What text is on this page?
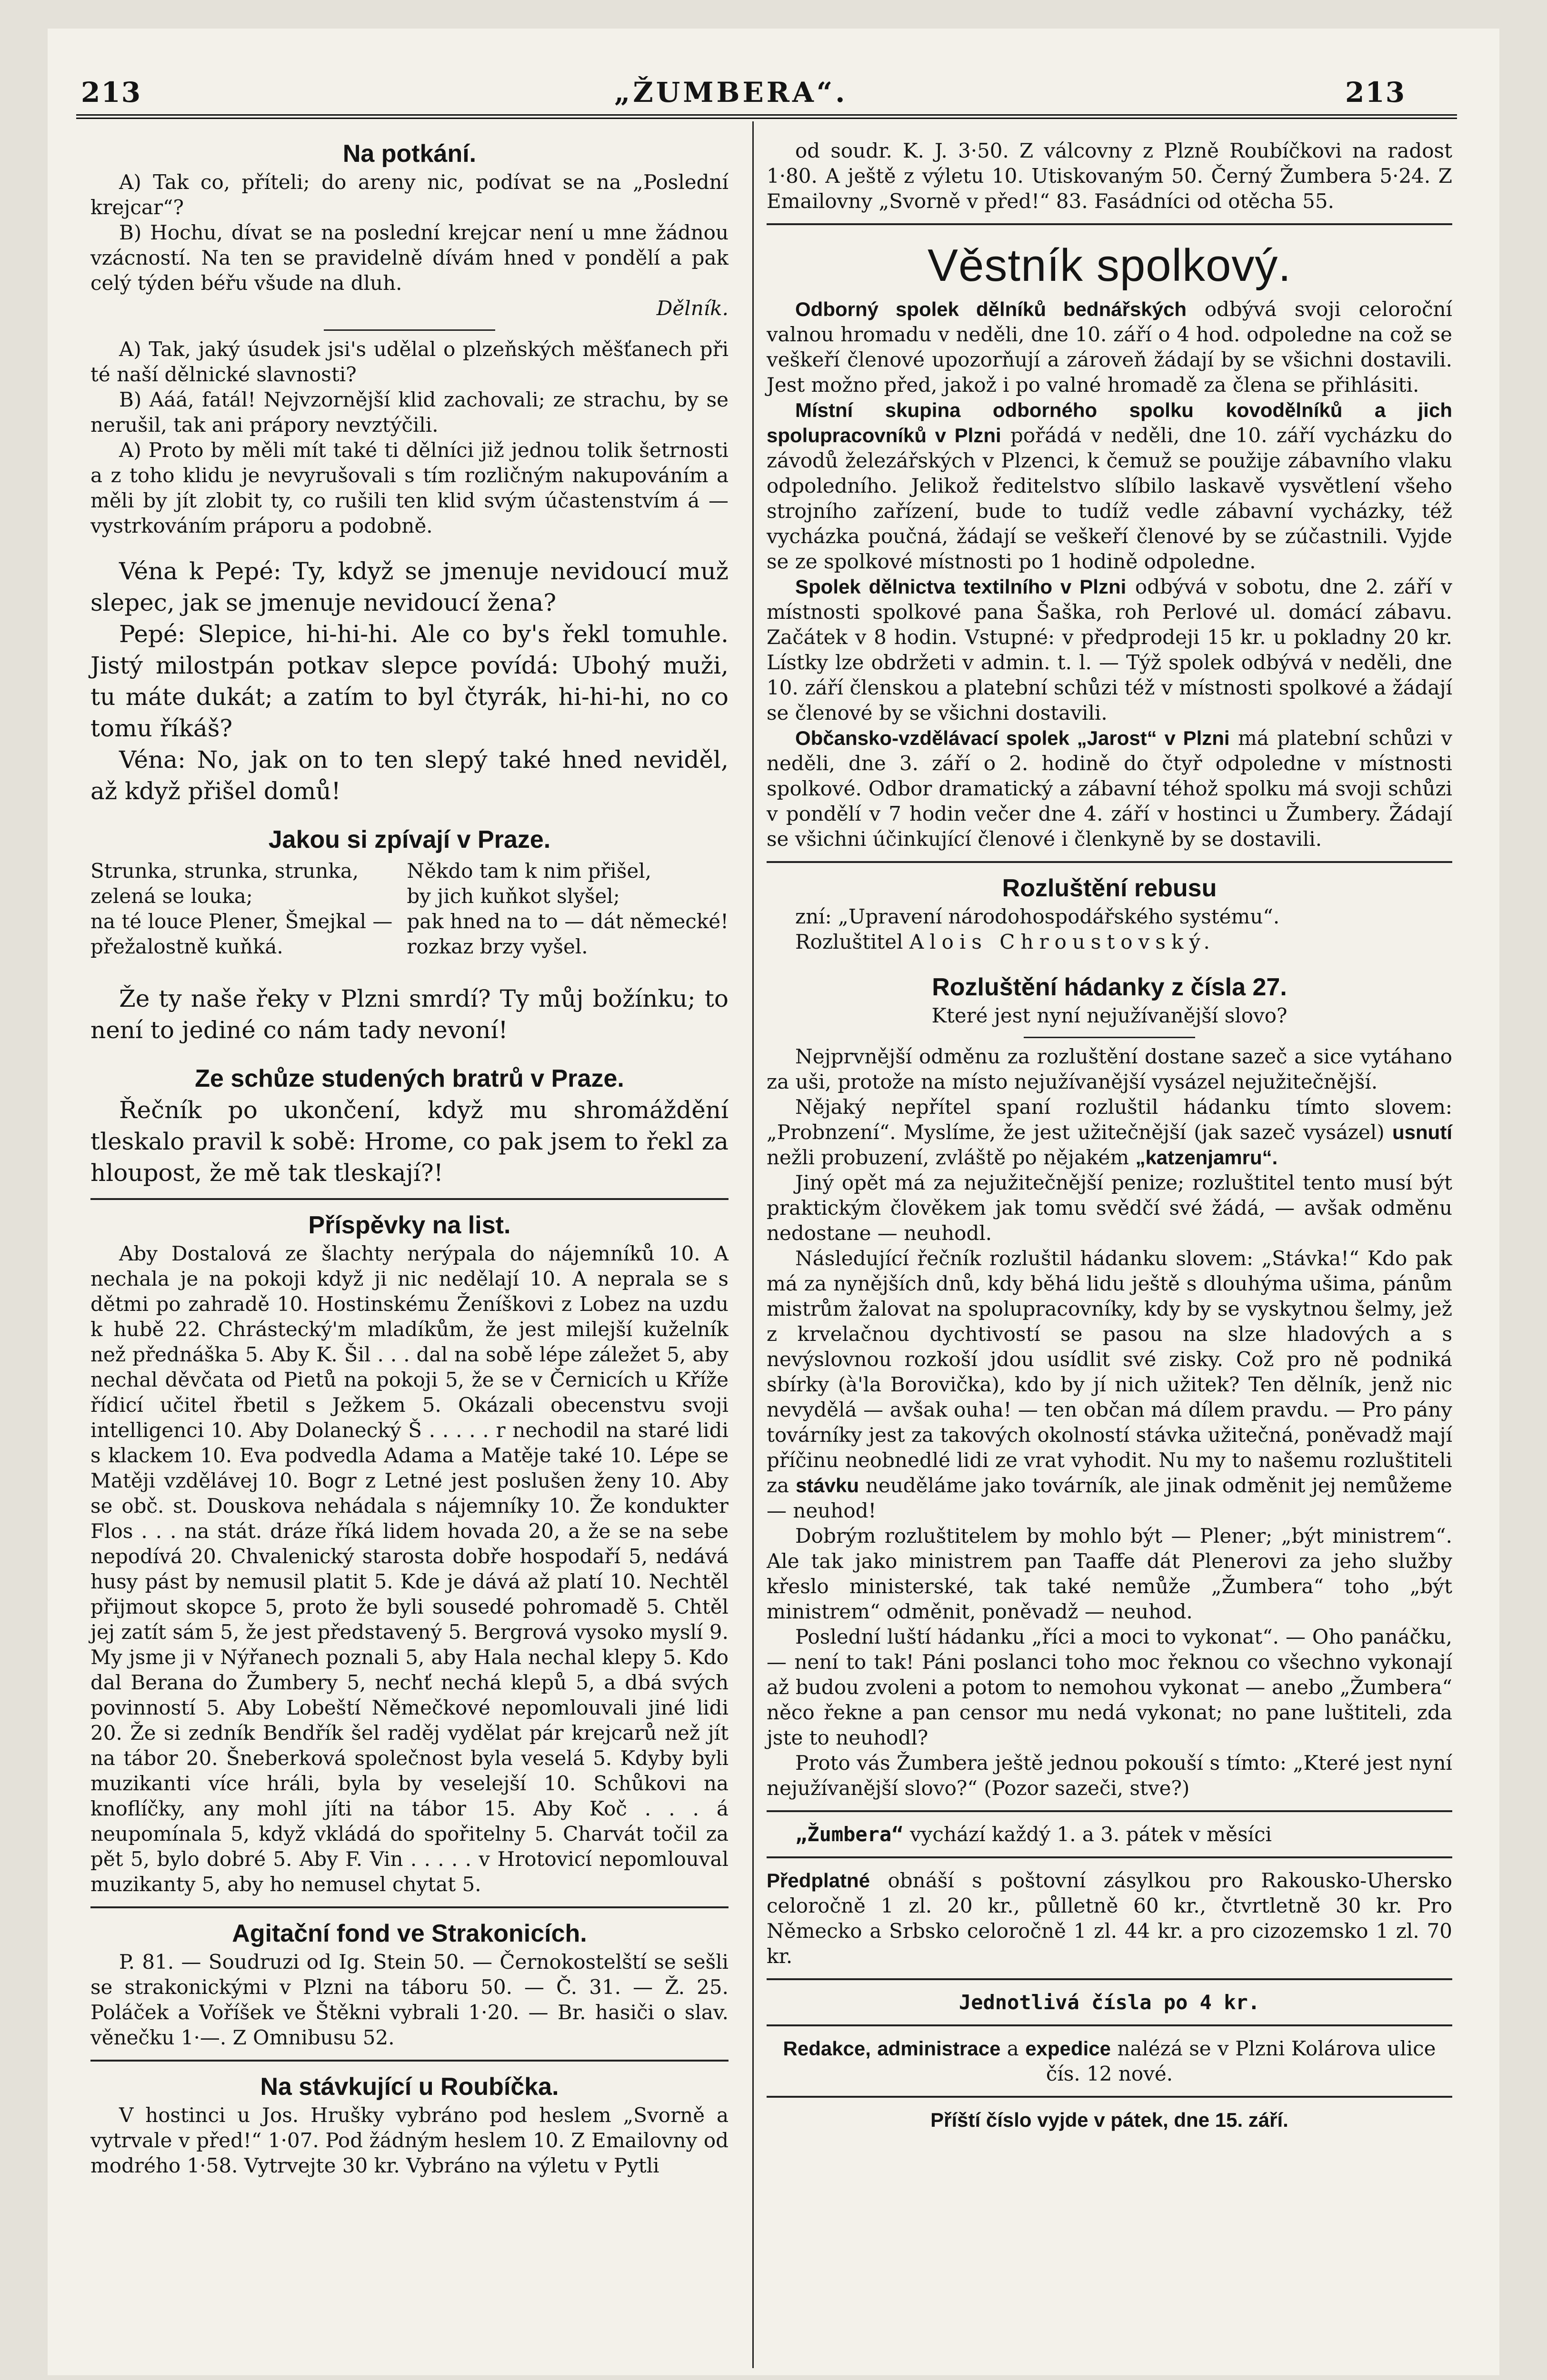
213	„ŽUMBERA“.	213
Na potkání.

A) Tak co, příteli; do areny nic, podívat se na „Poslední krejcar“?

B) Hochu, dívat se na poslední krejcar není u mne žádnou vzácností. Na ten se pravidelně dívám hned v pondělí a pak celý týden béřu všude na dluh.

Dělník.

A) Tak, jaký úsudek jsi's udělal o plzeňských měšťanech při té naší dělnické slavnosti?

B) Aáá, fatál! Nejvzornější klid zachovali; ze strachu, by se nerušil, tak ani prápory nevztýčili.

A) Proto by měli mít také ti dělníci již jednou tolik šetrnosti a z toho klidu je nevyrušovali s tím rozličným nakupováním a měli by jít zlobit ty, co rušili ten klid svým účastenstvím á — vystrkováním práporu a podobně.

Véna k Pepé: Ty, když se jmenuje nevidoucí muž slepec, jak se jmenuje nevidoucí žena?

Pepé: Slepice, hi-hi-hi. Ale co by's řekl tomuhle. Jistý milostpán potkav slepce povídá: Ubohý muži, tu máte dukát; a zatím to byl čtyrák, hi-hi-hi, no co tomu říkáš?

Véna: No, jak on to ten slepý také hned neviděl, až když přišel domů!

Jakou si zpívají v Praze.
Strunka, strunka, strunka,
zelená se louka;
na té louce Plener, Šmejkal —
přežalostně kuňká.
Někdo tam k nim přišel,
by jich kuňkot slyšel;
pak hned na to — dát německé!
rozkaz brzy vyšel.

Že ty naše řeky v Plzni smrdí? Ty můj božínku; to není to jediné co nám tady nevoní!

Ze schůze studených bratrů v Praze.

Řečník po ukončení, když mu shromáždění tleskalo pravil k sobě: Hrome, co pak jsem to řekl za hloupost, že mě tak tleskají?!

Příspěvky na list.

Aby Dostalová ze šlachty nerýpala do nájemníků 10. A nechala je na pokoji když ji nic nedělají 10. A neprala se s dětmi po zahradě 10. Hostinskému Ženíškovi z Lobez na uzdu k hubě 22. Chrástecký'm mladíkům, že jest milejší kuželník než přednáška 5. Aby K. Šil . . . dal na sobě lépe záležet 5, aby nechal děvčata od Pietů na pokoji 5, že se v Černicích u Kříže řídicí učitel řbetil s Ježkem 5. Okázali obecenstvu svoji intelligenci 10. Aby Dolanecký Š . . . . . r nechodil na staré lidi s klackem 10. Eva podvedla Adama a Matěje také 10. Lépe se Matěji vzdělávej 10. Bogr z Letné jest poslušen ženy 10. Aby se obč. st. Douskova nehádala s nájemníky 10. Že kondukter Flos . . . na stát. dráze říká lidem hovada 20, a že se na sebe nepodívá 20. Chvalenický starosta dobře hospodaří 5, nedává husy pást by nemusil platit 5. Kde je dává až platí 10. Nechtěl přijmout skopce 5, proto že byli sousedé pohromadě 5. Chtěl jej zatít sám 5, že jest představený 5. Bergrová vysoko myslí 9. My jsme ji v Nýřanech poznali 5, aby Hala nechal klepy 5. Kdo dal Berana do Žumbery 5, nechť nechá klepů 5, a dbá svých povinností 5. Aby Lobeští Němečkové nepomlouvali jiné lidi 20. Že si zedník Bendřík šel raděj vydělat pár krejcarů než jít na tábor 20. Šneberková společnost byla veselá 5. Kdyby byli muzikanti více hráli, byla by veselejší 10. Schůkovi na knoflíčky, any mohl jíti na tábor 15. Aby Koč . . . á neupomínala 5, když vkládá do spořitelny 5. Charvát točil za pět 5, bylo dobré 5. Aby F. Vin . . . . . v Hrotovicí nepomlouval muzikanty 5, aby ho nemusel chytat 5.

Agitační fond ve Strakonicích.

P. 81. — Soudruzi od Ig. Stein 50. — Černokostelští se sešli se strakonickými v Plzni na táboru 50. — Č. 31. — Ž. 25. Poláček a Voříšek ve Štěkni vybrali 1·20. — Br. hasiči o slav. věnečku 1·—. Z Omnibusu 52.

Na stávkující u Roubíčka.

V hostinci u Jos. Hrušky vybráno pod heslem „Svorně a vytrvale v před!“ 1·07. Pod žádným heslem 10. Z Emailovny od modrého 1·58. Vytrvejte 30 kr. Vybráno na výletu v Pytli

od soudr. K. J. 3·50. Z válcovny z Plzně Roubíčkovi na radost 1·80. A ještě z výletu 10. Utiskovaným 50. Černý Žumbera 5·24. Z Emailovny „Svorně v před!“ 83. Fasádníci od otěcha 55.

Věstník spolkový.

Odborný spolek dělníků bednářských odbývá svoji celoroční valnou hromadu v neděli, dne 10. září o 4 hod. odpoledne na což se veškeří členové upozorňují a zároveň žádají by se všichni dostavili. Jest možno před, jakož i po valné hromadě za člena se přihlásiti.

Místní skupina odborného spolku kovodělníků a jich spolupracovníků v Plzni pořádá v neděli, dne 10. září vycházku do závodů železářských v Plzenci, k čemuž se použije zábavního vlaku odpoledního. Jelikož ředitelstvo slíbilo laskavě vysvětlení všeho strojního zařízení, bude to tudíž vedle zábavní vycházky, též vycházka poučná, žádají se veškeří členové by se zúčastnili. Vyjde se ze spolkové místnosti po 1 hodině odpoledne.

Spolek dělnictva textilního v Plzni odbývá v sobotu, dne 2. září v místnosti spolkové pana Šaška, roh Perlové ul. domácí zábavu. Začátek v 8 hodin. Vstupné: v předprodeji 15 kr. u pokladny 20 kr. Lístky lze obdržeti v admin. t. l. — Týž spolek odbývá v neděli, dne 10. září členskou a platební schůzi též v místnosti spolkové a žádají se členové by se všichni dostavili.

Občansko-vzdělávací spolek „Jarost“ v Plzni má platební schůzi v neděli, dne 3. září o 2. hodině do čtyř odpoledne v místnosti spolkové. Odbor dramatický a zábavní téhož spolku má svoji schůzi v pondělí v 7 hodin večer dne 4. září v hostinci u Žumbery. Žádají se všichni účinkující členové i členkyně by se dostavili.

Rozluštění rebusu

zní: „Upravení národohospodářského systému“.

Rozluštitel Alois Chroustovský.

Rozluštění hádanky z čísla 27.

Které jest nyní nejužívanější slovo?

Nejprvnější odměnu za rozluštění dostane sazeč a sice vytáhano za uši, protože na místo nejužívanější vysázel nejužitečnější.

Nějaký nepřítel spaní rozluštil hádanku tímto slovem: „Probnzení“. Myslíme, že jest užitečnější (jak sazeč vysázel) usnutí nežli probuzení, zvláště po nějakém „katzenjamru“.

Jiný opět má za nejužitečnější penize; rozluštitel tento musí být praktickým člověkem jak tomu svědčí své žádá, — avšak odměnu nedostane — neuhodl.

Následující řečník rozluštil hádanku slovem: „Stávka!“ Kdo pak má za nynějších dnů, kdy běhá lidu ještě s dlouhýma ušima, pánům mistrům žalovat na spolupracovníky, kdy by se vyskytnou šelmy, jež z krvelačnou dychtivostí se pasou na slze hladových a s nevýslovnou rozkoší jdou usídlit své zisky. Což pro ně podniká sbírky (à'la Borovička), kdo by jí nich užitek? Ten dělník, jenž nic nevydělá — avšak ouha! — ten občan má dílem pravdu. — Pro pány továrníky jest za takových okolností stávka užitečná, poněvadž mají příčinu neobnedlé lidi ze vrat vyhodit. Nu my to našemu rozluštiteli za stávku neuděláme jako továrník, ale jinak odměnit jej nemůžeme — neuhod!

Dobrým rozluštitelem by mohlo být — Plener; „být ministrem“. Ale tak jako ministrem pan Taaffe dát Plenerovi za jeho služby křeslo ministerské, tak také nemůže „Žumbera“ toho „být ministrem“ odměnit, poněvadž — neuhod.

Poslední luští hádanku „říci a moci to vykonat“. — Oho panáčku, — není to tak! Páni poslanci toho moc řeknou co všechno vykonají až budou zvoleni a potom to nemohou vykonat — anebo „Žumbera“ něco řekne a pan censor mu nedá vykonat; no pane luštiteli, zda jste to neuhodl?

Proto vás Žumbera ještě jednou pokouší s tímto: „Které jest nyní nejužívanější slovo?“ (Pozor sazeči, stve?)

„Žumbera“ vychází každý 1. a 3. pátek v měsíci

Předplatné obnáší s poštovní zásylkou pro Rakousko-Uhersko celoročně 1 zl. 20 kr., půlletně 60 kr., čtvrtletně 30 kr. Pro Německo a Srbsko celoročně 1 zl. 44 kr. a pro cizozemsko 1 zl. 70 kr.

Jednotlivá čísla po 4 kr.

Redakce, administrace a expedice nalézá se v Plzni Kolárova ulice čís. 12 nové.

Příští číslo vyjde v pátek, dne 15. září.
